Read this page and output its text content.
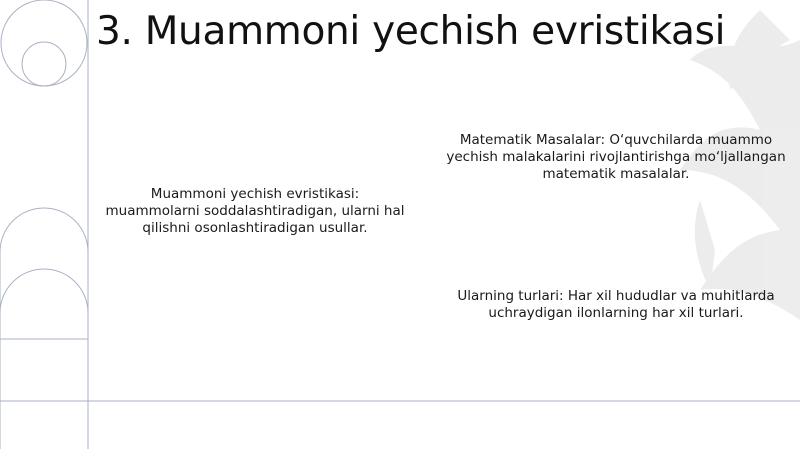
3. Muammoni yechish evristikasi

Muammoni yechish evristikasi: muammolarni soddalashtiradigan, ularni hal qilishni osonlashtiradigan usullar.

Matematik Masalalar: O‘quvchilarda muammo yechish malakalarini rivojlantirishga mo‘ljallangan matematik masalalar.

Ularning turlari: Har xil hududlar va muhitlarda uchraydigan ilonlarning har xil turlari.
